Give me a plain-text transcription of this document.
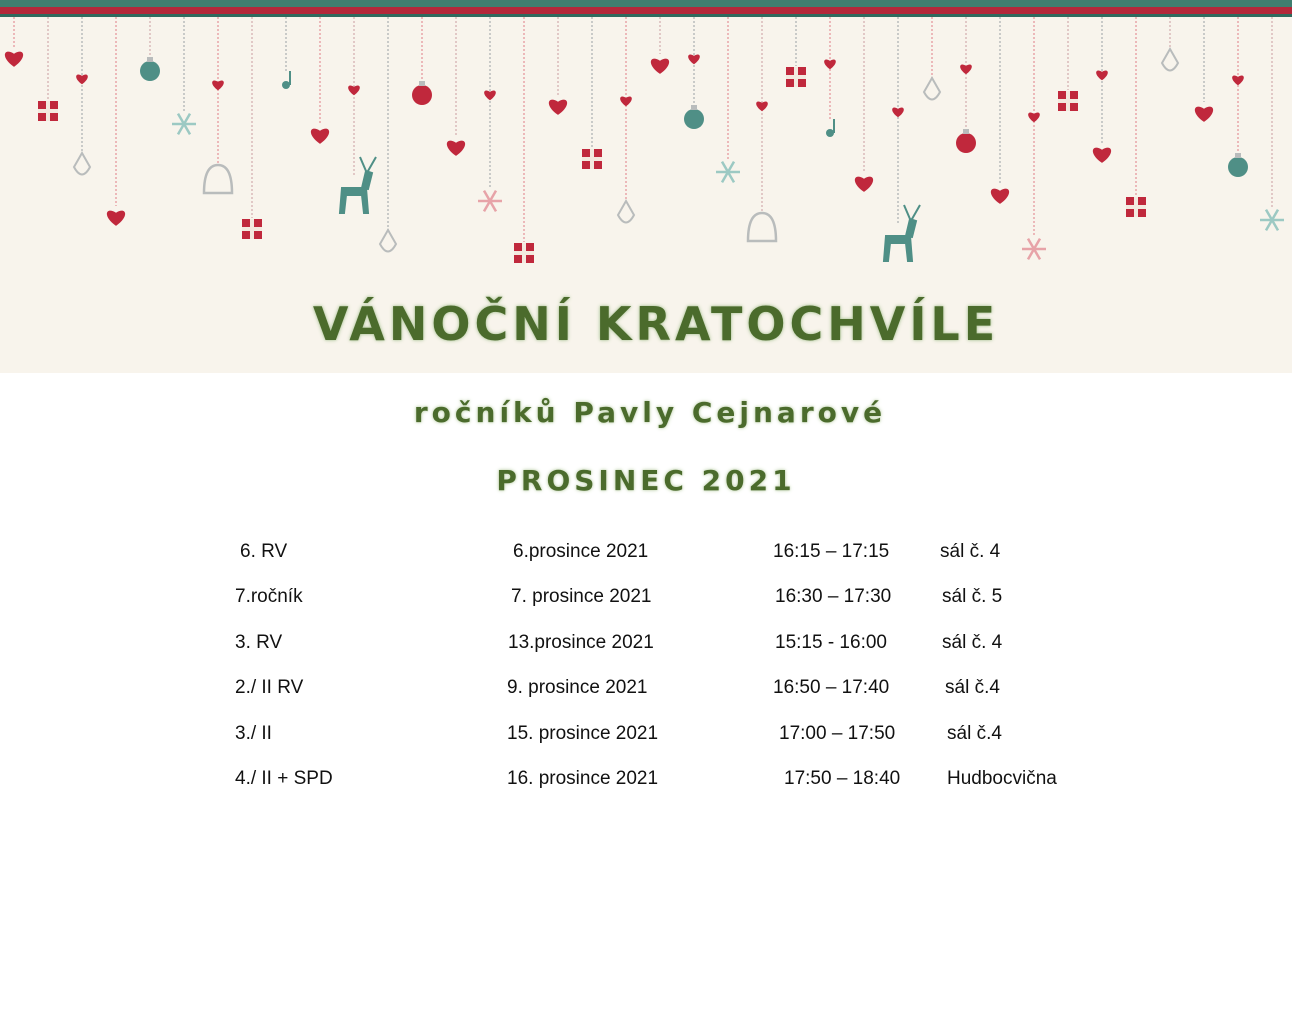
VÁNOČNÍ KRATOCHVÍLE
ročníků Pavly Cejnarové
PROSINEC 2021
6. RV	6.prosince 2021	16:15 – 17:15	sál č. 4
7.ročník	7. prosince 2021	16:30 – 17:30	sál č. 5
3. RV	13.prosince 2021	15:15 - 16:00	sál č. 4
2./ II RV	9. prosince 2021	16:50 – 17:40	sál č.4
3./ II	15. prosince 2021	17:00 – 17:50	sál č.4
4./ II + SPD	16. prosince 2021	17:50 – 18:40 Hudbocvična
